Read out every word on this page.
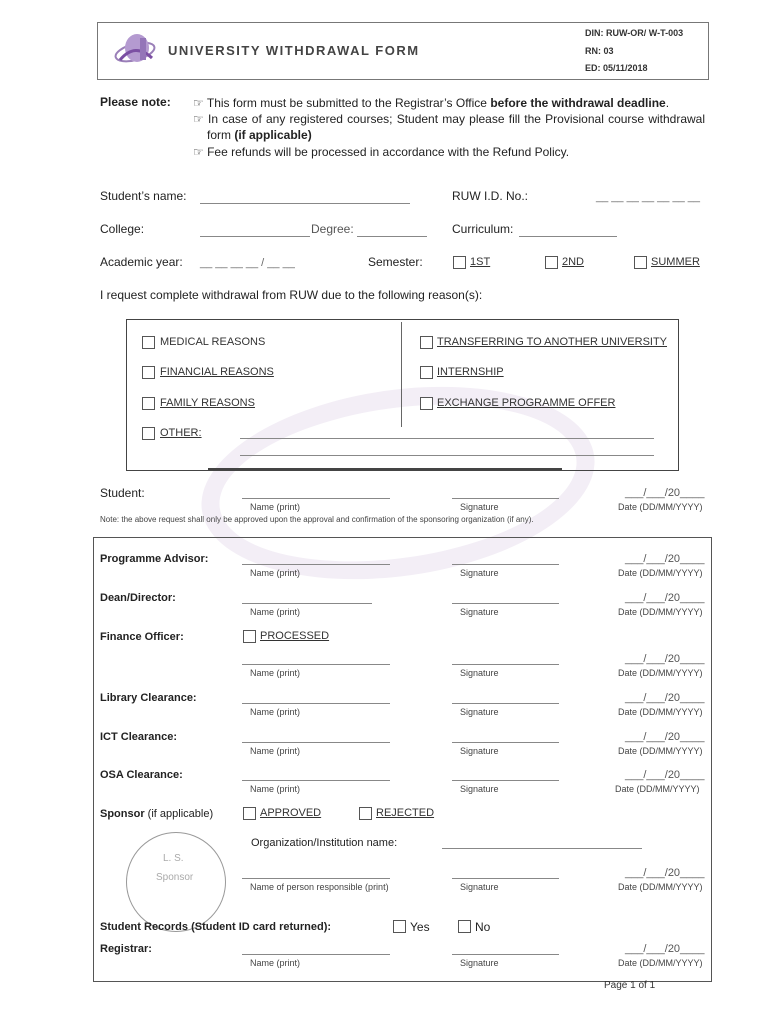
UNIVERSITY WITHDRAWAL FORM
DIN: RUW-OR/ W-T-003
RN: 03
ED: 05/11/2018
Please note: ☞ This form must be submitted to the Registrar’s Office before the withdrawal deadline.
☞ In case of any registered courses; Student may please fill the Provisional course withdrawal form (if applicable)
☞ Fee refunds will be processed in accordance with the Refund Policy.
Student’s name:	RUW I.D. No.:	__ __ __ __ __ __ __
College:	Degree:	Curriculum:
Academic year: __ __ __ __ / __ __	Semester:	1ST	2ND	SUMMER
I request complete withdrawal from RUW due to the following reason(s):
MEDICAL REASONS
FINANCIAL REASONS
FAMILY REASONS
OTHER:
TRANSFERRING TO ANOTHER UNIVERSITY
INTERNSHIP
EXCHANGE PROGRAMME OFFER
Student:
Name (print)	Signature
___/___/20____
Date (DD/MM/YYYY)
Note: the above request shall only be approved upon the approval and confirmation of the sponsoring organization (if any).
Programme Advisor:
Name (print)	Signature
___/___/20____
Date (DD/MM/YYYY)
Dean/Director:
Name (print)	Signature
___/___/20____
Date (DD/MM/YYYY)
Finance Officer:	PROCESSED
Name (print)	Signature
___/___/20____
Date (DD/MM/YYYY)
Library Clearance:
Name (print)	Signature
___/___/20____
Date (DD/MM/YYYY)
ICT Clearance:
Name (print)	Signature
___/___/20____
Date (DD/MM/YYYY)
OSA Clearance:
Name (print)	Signature
___/___/20____
Date (DD/MM/YYYY)
Sponsor (if applicable)	APPROVED	REJECTED
Organization/Institution name:
L. S.
Sponsor
Name of person responsible (print)	Signature
___/___/20____
Date (DD/MM/YYYY)
Student Records (Student ID card returned):	Yes	No
Registrar:
Name (print)	Signature
___/___/20____
Date (DD/MM/YYYY)
Page 1 of 1
